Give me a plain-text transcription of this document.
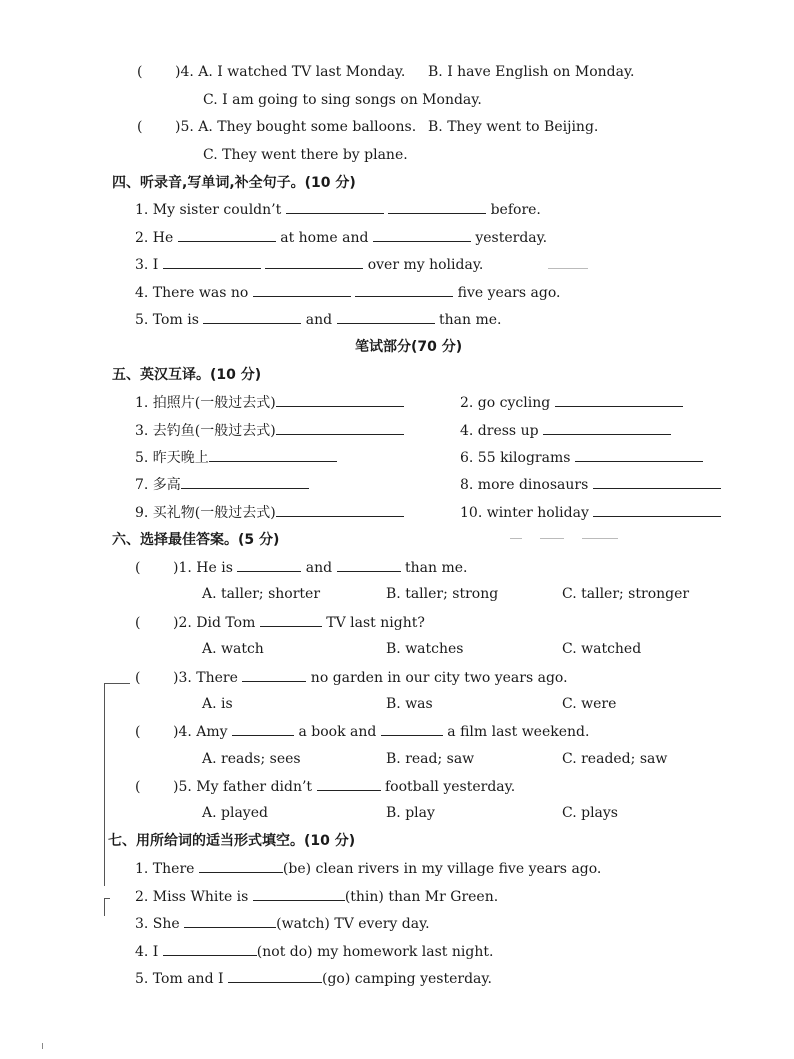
( )4. A. I watched TV last Monday. B. I have English on Monday.
C. I am going to sing songs on Monday.
( )5. A. They bought some balloons. B. They went to Beijing.
C. They went there by plane.
四、听录音,写单词,补全句子。(10 分)
1. My sister couldn’t	before.
2. He	at home and	yesterday.
3. I	over my holiday.
4. There was no	five years ago.
5. Tom is	and	than me.
笔试部分(70 分)
五、英汉互译。(10 分)
1. 拍照片(一般过去式)	2. go cycling
3. 去钓鱼(一般过去式)	4. dress up
5. 昨天晚上	6. 55 kilograms
7. 多高	8. more dinosaurs
9. 买礼物(一般过去式)	10. winter holiday
六、选择最佳答案。(5 分)
( )1. He is	and	than me.
A. taller; shorter	B. taller; strong	C. taller; stronger
( )2. Did Tom	TV last night?
A. watch	B. watches	C. watched
( )3. There	no garden in our city two years ago.
A. is	B. was	C. were
( )4. Amy	a book and	a film last weekend.
A. reads; sees	B. read; saw	C. readed; saw
( )5. My father didn’t	football yesterday.
A. played	B. play	C. plays
七、用所给词的适当形式填空。(10 分)
1. There	(be) clean rivers in my village five years ago.
2. Miss White is	(thin) than Mr Green.
3. She	(watch) TV every day.
4. I	(not do) my homework last night.
5. Tom and I	(go) camping yesterday.
